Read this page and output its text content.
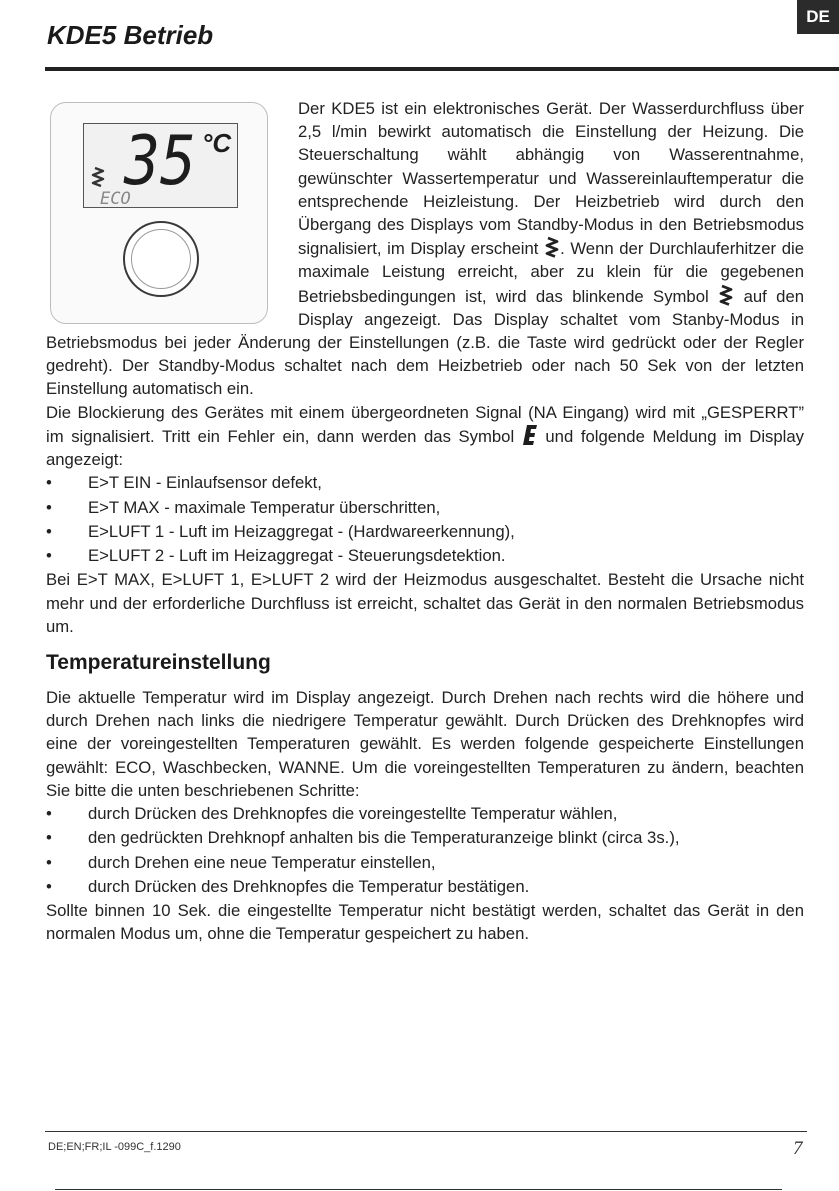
DE
KDE5 Betrieb
35 °C
ECO

Der KDE5 ist ein elektronisches Gerät. Der Wasserdurchfluss über 2,5 l/min bewirkt automatisch die Einstellung der Heizung. Die Steuerschaltung wählt abhängig von Wasserentnahme, gewünschter Wassertemperatur und Wassereinlauftemperatur die entsprechende Heizleistung. Der Heizbetrieb wird durch den Übergang des Displays vom Standby-Modus in den Betriebsmodus signalisiert, im Display erscheint . Wenn der Durchlauferhitzer die maximale Leistung erreicht, aber zu klein für die gegebenen Betriebsbedingungen ist, wird das blinkende Symbol auf den Display angezeigt. Das Display schaltet vom Stanby-Modus in Betriebsmodus bei jeder Änderung der Einstellungen (z.B. die Taste wird gedrückt oder der Regler gedreht). Der Standby-Modus schaltet nach dem Heizbetrieb oder nach 50 Sek von der letzten Einstellung automatisch ein.

Die Blockierung des Gerätes mit einem übergeordneten Signal (NA Eingang) wird mit „GESPERRT” im signalisiert. Tritt ein Fehler ein, dann werden das Symbol und folgende Meldung im Display angezeigt:

• E>T EIN - Einlaufsensor defekt,
• E>T MAX - maximale Temperatur überschritten,
• E>LUFT 1 - Luft im Heizaggregat - (Hardwareerkennung),
• E>LUFT 2 - Luft im Heizaggregat - Steuerungsdetektion.

Bei E>T MAX, E>LUFT 1, E>LUFT 2 wird der Heizmodus ausgeschaltet. Besteht die Ursache nicht mehr und der erforderliche Durchfluss ist erreicht, schaltet das Gerät in den normalen Betriebsmodus um.

Temperatureinstellung

Die aktuelle Temperatur wird im Display angezeigt. Durch Drehen nach rechts wird die höhere und durch Drehen nach links die niedrigere Temperatur gewählt. Durch Drücken des Drehknopfes wird eine der voreingestellten Temperaturen gewählt. Es werden folgende gespeicherte Einstellungen gewählt: ECO, Waschbecken, WANNE. Um die voreingestellten Temperaturen zu ändern, beachten Sie bitte die unten beschriebenen Schritte:

• durch Drücken des Drehknopfes die voreingestellte Temperatur wählen,
• den gedrückten Drehknopf anhalten bis die Temperaturanzeige blinkt (circa 3s.),
• durch Drehen eine neue Temperatur einstellen,
• durch Drücken des Drehknopfes die Temperatur bestätigen.

Sollte binnen 10 Sek. die eingestellte Temperatur nicht bestätigt werden, schaltet das Gerät in den normalen Modus um, ohne die Temperatur gespeichert zu haben.

DE;EN;FR;IL -099C_f.1290	7
